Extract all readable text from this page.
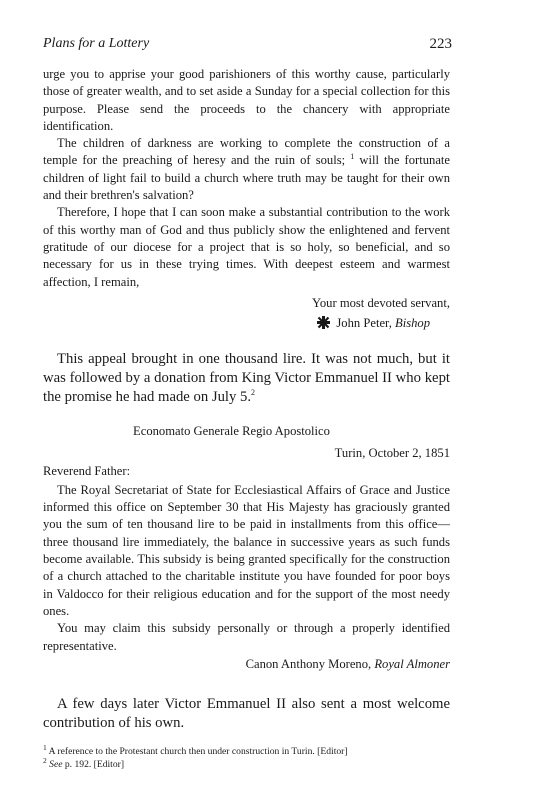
Plans for a Lottery	223

urge you to apprise your good parishioners of this worthy cause, particularly those of greater wealth, and to set aside a Sunday for a special collection for this purpose. Please send the proceeds to the chancery with appropriate identification.

The children of darkness are working to complete the construction of a temple for the preaching of heresy and the ruin of souls; $^1$ will the fortunate children of light fail to build a church where truth may be taught for their own and their brethren's salvation?

Therefore, I hope that I can soon make a substantial contribution to the work of this worthy man of God and thus publicly show the enlightened and fervent gratitude of our diocese for a project that is so holy, so beneficial, and so necessary for us in these trying times. With deepest esteem and warmest affection, I remain,

Your most devoted servant,
John Peter, Bishop

This appeal brought in one thousand lire. It was not much, but it was followed by a donation from King Victor Emmanuel II who kept the promise he had made on July 5.$^2$

Economato Generale Regio Apostolico
Turin, October 2, 1851
Reverend Father:

The Royal Secretariat of State for Ecclesiastical Affairs of Grace and Justice informed this office on September 30 that His Majesty has graciously granted you the sum of ten thousand lire to be paid in installments from this office—three thousand lire immediately, the balance in successive years as such funds become available. This subsidy is being granted specifically for the construction of a church attached to the charitable institute you have founded for poor boys in Valdocco for their religious education and for the support of the most needy ones.

You may claim this subsidy personally or through a properly identified representative.

Canon Anthony Moreno, Royal Almoner

A few days later Victor Emmanuel II also sent a most welcome contribution of his own.

$^1$ A reference to the Protestant church then under construction in Turin. [Editor]
$^2$ See p. 192. [Editor]
